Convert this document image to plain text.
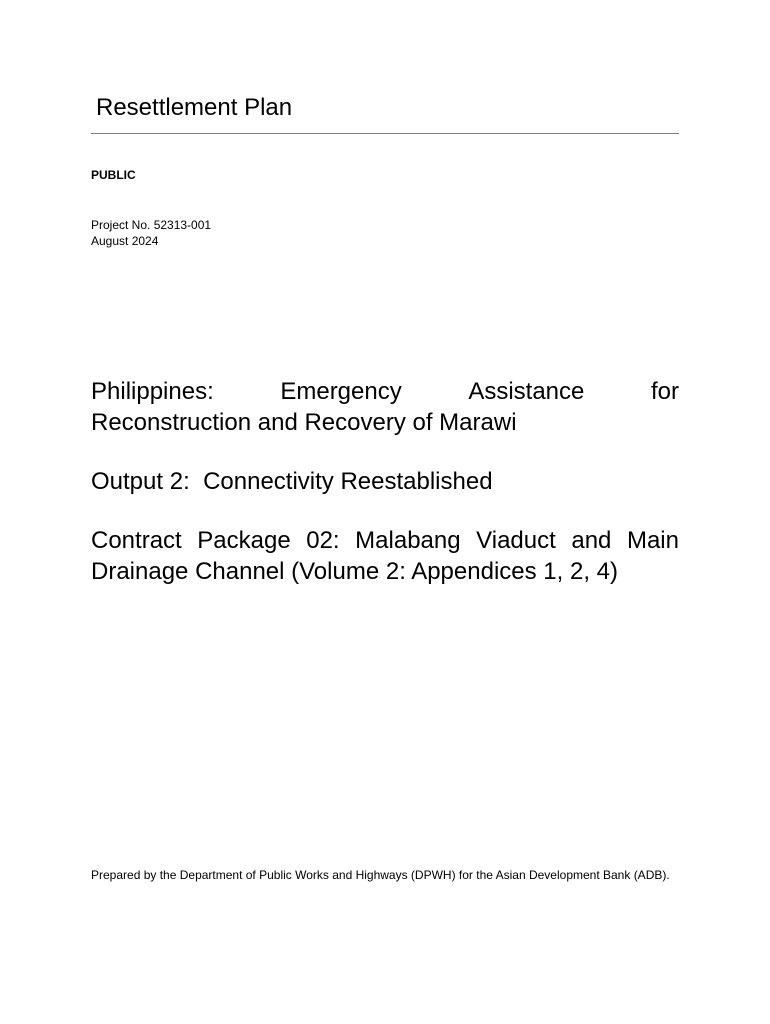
Resettlement Plan
PUBLIC
Project No. 52313-001
August 2024

Philippines:	Emergency	Assistance	for
Reconstruction and Recovery of Marawi

Output 2:  Connectivity Reestablished

Contract Package 02: Malabang Viaduct and Main
Drainage Channel (Volume 2: Appendices 1, 2, 4)

Prepared by the Department of Public Works and Highways (DPWH) for the Asian Development Bank (ADB).
